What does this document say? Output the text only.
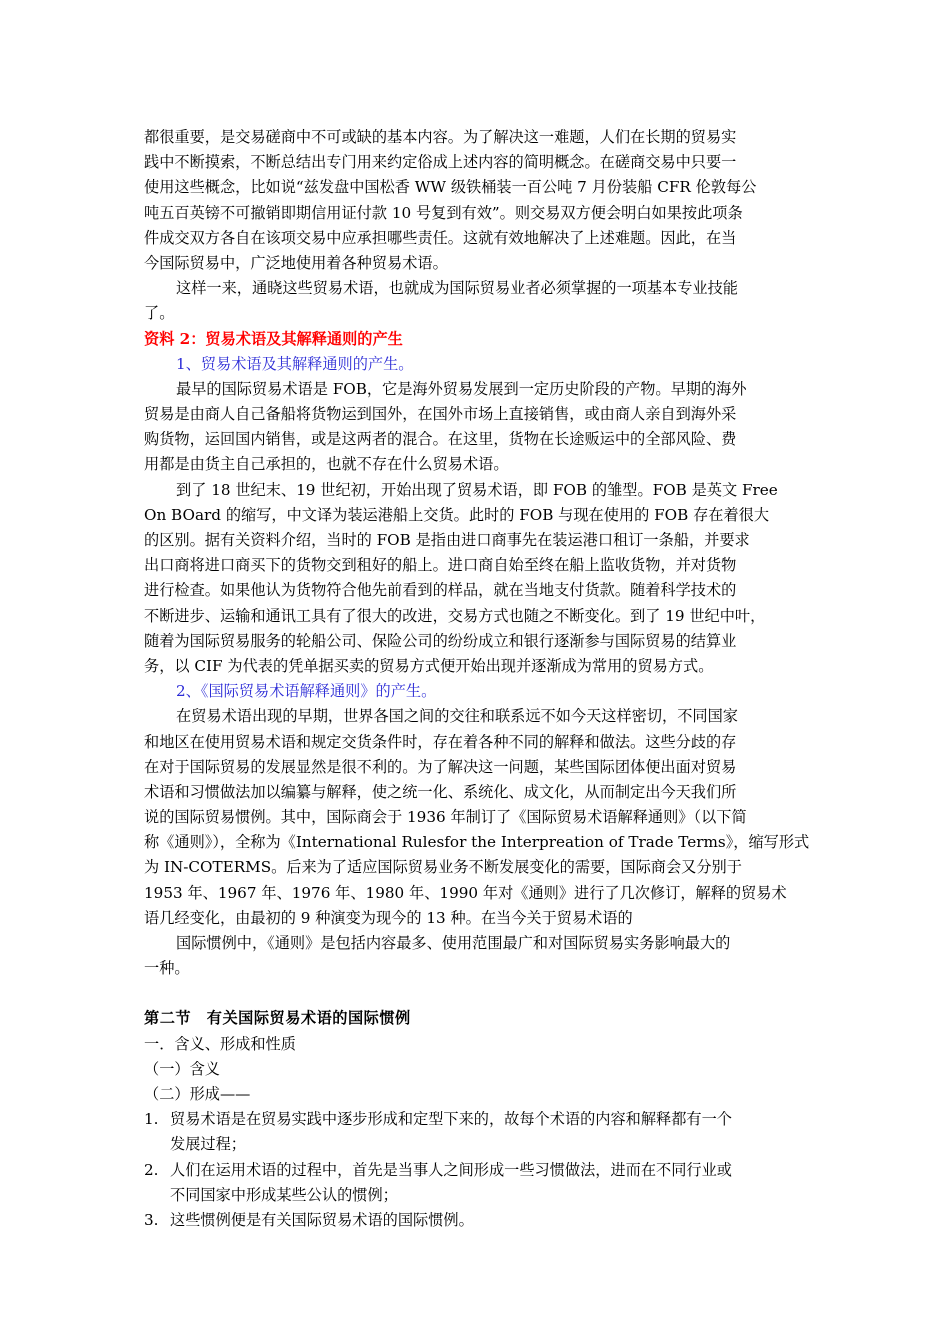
都很重要，是交易磋商中不可或缺的基本内容。为了解决这一难题，人们在长期的贸易实

践中不断摸索，不断总结出专门用来约定俗成上述内容的简明概念。在磋商交易中只要一

使用这些概念，比如说“兹发盘中国松香 WW 级铁桶装一百公吨 7 月份装船 CFR 伦敦每公

吨五百英镑不可撤销即期信用证付款 10 号复到有效”。则交易双方便会明白如果按此项条

件成交双方各自在该项交易中应承担哪些责任。这就有效地解决了上述难题。因此，在当

今国际贸易中，广泛地使用着各种贸易术语。

这样一来，通晓这些贸易术语，也就成为国际贸易业者必须掌握的一项基本专业技能

了。

资料 2：贸易术语及其解释通则的产生

1、贸易术语及其解释通则的产生。

最早的国际贸易术语是 FOB，它是海外贸易发展到一定历史阶段的产物。早期的海外

贸易是由商人自己备船将货物运到国外，在国外市场上直接销售，或由商人亲自到海外采

购货物，运回国内销售，或是这两者的混合。在这里，货物在长途贩运中的全部风险、费

用都是由货主自己承担的，也就不存在什么贸易术语。

到了 18 世纪末、19 世纪初，开始出现了贸易术语，即 FOB 的雏型。FOB 是英文 Free

On BOard 的缩写，中文译为装运港船上交货。此时的 FOB 与现在使用的 FOB 存在着很大

的区别。据有关资料介绍，当时的 FOB 是指由进口商事先在装运港口租订一条船，并要求

出口商将进口商买下的货物交到租好的船上。进口商自始至终在船上监收货物，并对货物

进行检查。如果他认为货物符合他先前看到的样品，就在当地支付货款。随着科学技术的

不断进步、运输和通讯工具有了很大的改进，交易方式也随之不断变化。到了 19 世纪中叶，

随着为国际贸易服务的轮船公司、保险公司的纷纷成立和银行逐渐参与国际贸易的结算业

务，以 CIF 为代表的凭单据买卖的贸易方式便开始出现并逐渐成为常用的贸易方式。

2、《国际贸易术语解释通则》的产生。

在贸易术语出现的早期，世界各国之间的交往和联系远不如今天这样密切，不同国家

和地区在使用贸易术语和规定交货条件时，存在着各种不同的解释和做法。这些分歧的存

在对于国际贸易的发展显然是很不利的。为了解决这一问题，某些国际团体便出面对贸易

术语和习惯做法加以编纂与解释，使之统一化、系统化、成文化，从而制定出今天我们所

说的国际贸易惯例。其中，国际商会于 1936 年制订了《国际贸易术语解释通则》（以下简

称《通则》），全称为《International Rulesfor the Interpreation of Trade Terms》，缩写形式

为 IN-COTERMS。后来为了适应国际贸易业务不断发展变化的需要，国际商会又分别于

1953 年、1967 年、1976 年、1980 年、1990 年对《通则》进行了几次修订，解释的贸易术

语几经变化，由最初的 9 种演变为现今的 13 种。在当今关于贸易术语的

国际惯例中，《通则》是包括内容最多、使用范围最广和对国际贸易实务影响最大的

一种。

第二节　有关国际贸易术语的国际惯例

一．含义、形成和性质

（一）含义

（二）形成——

1. 贸易术语是在贸易实践中逐步形成和定型下来的，故每个术语的内容和解释都有一个

发展过程；

2. 人们在运用术语的过程中，首先是当事人之间形成一些习惯做法，进而在不同行业或

不同国家中形成某些公认的惯例；

3. 这些惯例便是有关国际贸易术语的国际惯例。
